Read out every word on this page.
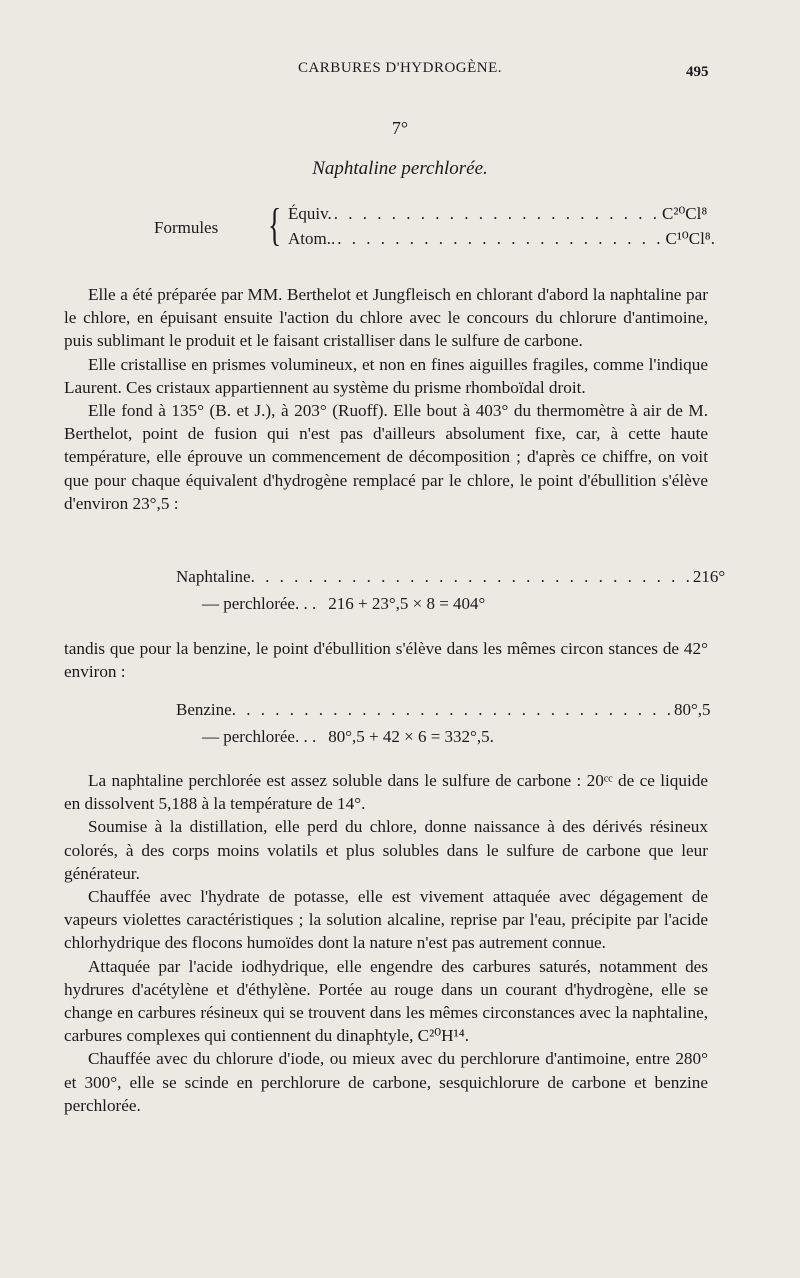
CARBURES D'HYDROGÈNE.	495
7°
Naphtaline perchlorée.
Formules { Équiv. . . . . . . . . . . . . . . . . . . . . . . . C²⁰Cl⁸
Atom.. . . . . . . . . . . . . . . . . . . . . . . . C¹⁰Cl⁸.

Elle a été préparée par MM. Berthelot et Jungfleisch en chlorant d'abord la naphtaline par le chlore, en épuisant ensuite l'action du chlore avec le concours du chlorure d'antimoine, puis sublimant le produit et le faisant cristalliser dans le sulfure de carbone.

Elle cristallise en prismes volumineux, et non en fines aiguilles fragiles, comme l'indique Laurent. Ces cristaux appartiennent au système du prisme rhomboïdal droit.

Elle fond à 135° (B. et J.), à 203° (Ruoff). Elle bout à 403° du thermomètre à air de M. Berthelot, point de fusion qui n'est pas d'ailleurs absolument fixe, car, à cette haute température, elle éprouve un commencement de décomposition ; d'après ce chiffre, on voit que pour chaque équivalent d'hydrogène remplacé par le chlore, le point d'ébullition s'élève d'environ 23°,5 :

Naphtaline . . . . . . . . . . . . . . . . . . . . . . . . . . . . . . . 216°
— perchlorée. . . 216 + 23°,5 × 8 = 404°

tandis que pour la benzine, le point d'ébullition s'élève dans les mêmes circon stances de 42° environ :

Benzine . . . . . . . . . . . . . . . . . . . . . . . . . . . . . . . 80°,5
— perchlorée. . . 80°,5 + 42 × 6 = 332°,5.

La naphtaline perchlorée est assez soluble dans le sulfure de carbone : 20ᶜᶜ de ce liquide en dissolvent 5,188 à la température de 14°.

Soumise à la distillation, elle perd du chlore, donne naissance à des dérivés résineux colorés, à des corps moins volatils et plus solubles dans le sulfure de carbone que leur générateur.

Chauffée avec l'hydrate de potasse, elle est vivement attaquée avec dégagement de vapeurs violettes caractéristiques ; la solution alcaline, reprise par l'eau, précipite par l'acide chlorhydrique des flocons humoïdes dont la nature n'est pas autrement connue.

Attaquée par l'acide iodhydrique, elle engendre des carbures saturés, notamment des hydrures d'acétylène et d'éthylène. Portée au rouge dans un courant d'hydrogène, elle se change en carbures résineux qui se trouvent dans les mêmes circonstances avec la naphtaline, carbures complexes qui contiennent du dinaphtyle, C²⁰H¹⁴.

Chauffée avec du chlorure d'iode, ou mieux avec du perchlorure d'antimoine, entre 280° et 300°, elle se scinde en perchlorure de carbone, sesquichlorure de carbone et benzine perchlorée.
